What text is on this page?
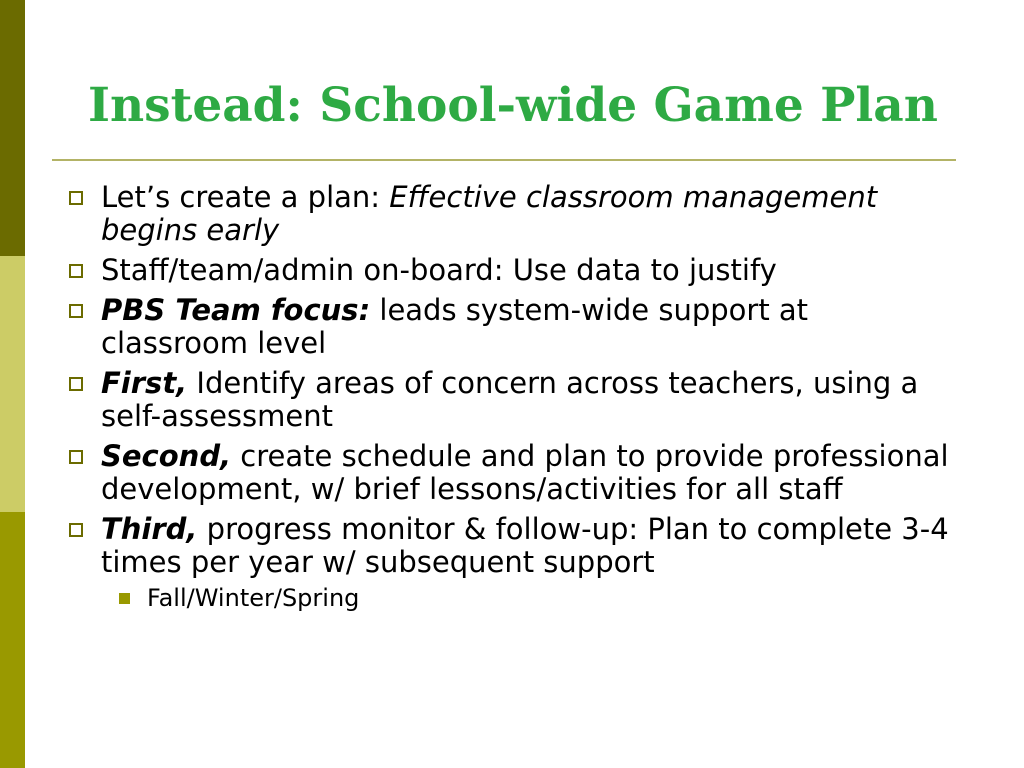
Instead: School-wide Game Plan
Let’s create a plan: Effective classroom management begins early
Staff/team/admin on-board: Use data to justify
PBS Team focus: leads system-wide support at classroom level
First, Identify areas of concern across teachers, using a self-assessment
Second, create schedule and plan to provide professional development, w/ brief lessons/activities for all staff
Third, progress monitor & follow-up: Plan to complete 3-4 times per year w/ subsequent support
Fall/Winter/Spring
